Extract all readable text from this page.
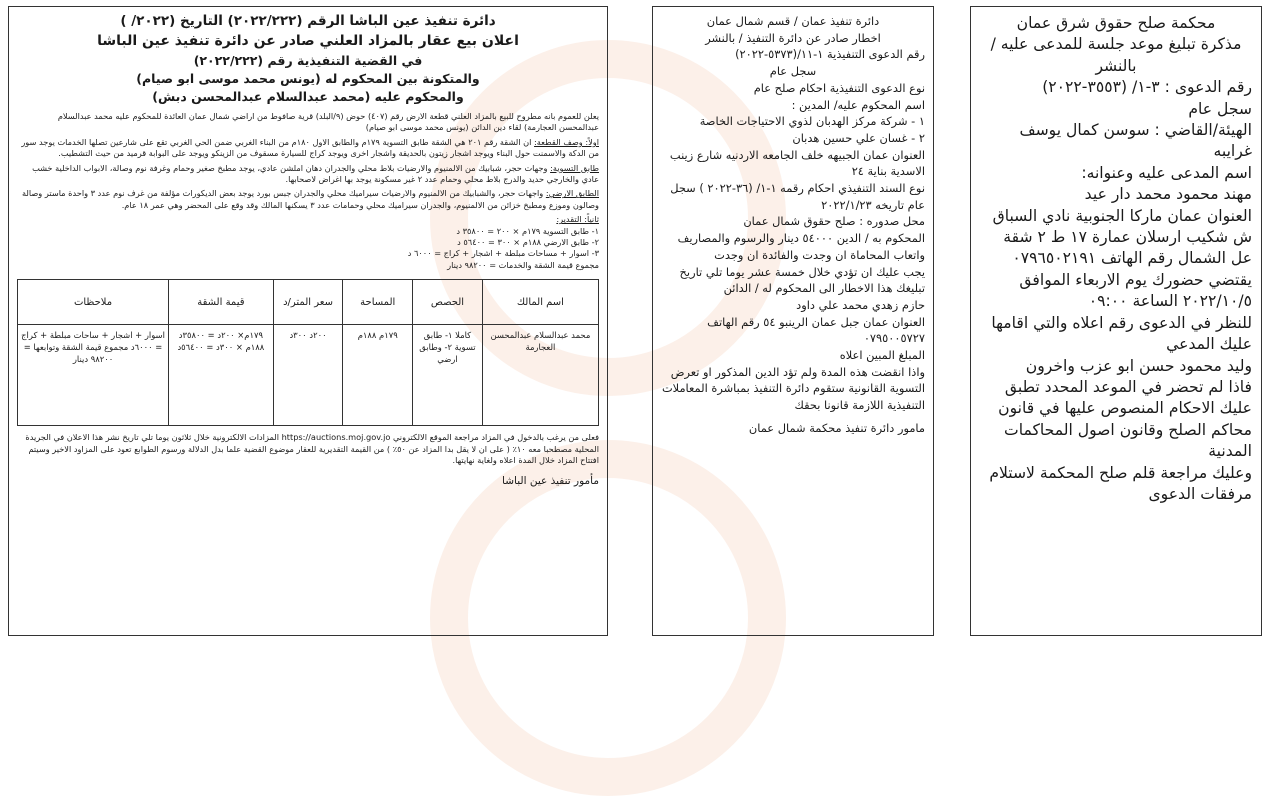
محكمة صلح حقوق شرق عمان

مذكرة تبليغ موعد جلسة للمدعى عليه / بالنشر

رقم الدعوى : ٣-١/ (٣٥٥٣-٢٠٢٢)

سجل عام

الهيئة/القاضي : سوسن كمال يوسف غرايبه

اسم المدعى عليه وعنوانه:

مهند محمود محمد دار عيد

العنوان عمان ماركا الجنوبية نادي السباق ش شكيب ارسلان عمارة ١٧ ط ٢ شقة عل الشمال رقم الهاتف ٠٧٩٦٥٠٢١٩١

يقتضي حضورك يوم الاربعاء الموافق ٢٠٢٢/١٠/٥ الساعة ٠٩:٠٠

للنظر في الدعوى رقم اعلاه والتي اقامها عليك المدعي

وليد محمود حسن ابو عزب واخرون

فاذا لم تحضر في الموعد المحدد تطبق عليك الاحكام المنصوص عليها في قانون محاكم الصلح وقانون اصول المحاكمات المدنية

وعليك مراجعة قلم صلح المحكمة لاستلام مرفقات الدعوى

دائرة تنفيذ عمان / قسم شمال عمان

اخطار صادر عن دائرة التنفيذ / بالنشر

رقم الدعوى التنفيذية ١-١١/(٥٣٧٣-٢٠٢٢)

سجل عام

نوع الدعوى التنفيذية احكام صلح عام

اسم المحكوم عليه/ المدين :

١ - شركة مركز الهدبان لذوي الاحتياجات الخاصة

٢ - غسان علي حسين هدبان

العنوان عمان الجبيهه خلف الجامعه الاردنيه شارع زينب الاسدية بناية ٢٤

نوع السند التنفيذي احكام رقمه ١-١/ (٣٦-٢٠٢٢ ) سجل عام تاريخه ٢٠٢٢/١/٢٣

محل صدوره : صلح حقوق شمال عمان

المحكوم به / الدين ٥٤٠٠٠ دينار والرسوم والمصاريف واتعاب المحاماة ان وجدت والفائدة ان وجدت

يجب عليك ان تؤدي خلال خمسة عشر يوما تلي تاريخ تبليغك هذا الاخطار الى المحكوم له / الدائن

حازم زهدي محمد علي داود

العنوان عمان جبل عمان الرينبو ٥٤ رقم الهاتف ٠٧٩٥٠٠٥٧٢٧

المبلغ المبين اعلاه

واذا انقضت هذه المدة ولم تؤد الدين المذكور او تعرض التسوية القانونية ستقوم دائرة التنفيذ بمباشرة المعاملات التنفيذية اللازمة قانونا بحقك

مامور دائرة تنفيذ محكمة شمال عمان

دائرة تنفيذ عين الباشا الرقم (٢٠٢٢/٢٢٢) التاريخ (٢٠٢٢/ )

اعلان بيع عقار بالمزاد العلني صادر عن دائرة تنفيذ عين الباشا

في القضية التنفيذية رقم (٢٠٢٢/٢٢٢)

والمتكونة بين المحكوم له (يونس محمد موسى ابو صيام)

والمحكوم عليه (محمد عبدالسلام عبدالمحسن دبش)

يعلن للعموم بانه مطروح للبيع بالمزاد العلني قطعة الارض رقم (٤٠٧) حوض (٩/البلد) قرية صافوط من اراضي شمال عمان العائدة للمحكوم عليه محمد عبدالسلام عبدالمحسن العجارمة) لقاء دين الدائن (يونس محمد موسى ابو صيام)

اولاً: وصف القطعة: ان الشقة رقم ٢٠١ هي الشقة طابق التسوية ١٧٩م والطابق الاول ١٨٠م من البناء الغربي ضمن الحي الغربي تقع على شارعين تصلها الخدمات يوجد سور من الدكة والاسمنت حول البناء ويوجد اشجار زيتون بالحديقة واشجار اخرى ويوجد كراج للسيارة مسقوف من الزينكو ويوجد على البوابة قرميد من حيث التشطيب.

طابق التسوية: وجهات حجر، شبابيك من الالمنيوم والارضيات بلاط محلي والجدران دهان املشن عادي، يوجد مطبخ صغير وحمام وغرفة نوم وصالة، الابواب الداخلية خشب عادي والخارجي حديد والدرج بلاط محلي وحمام عدد ٢ غير مسكونة يوجد بها اغراض لاصحابها.

الطابق الارضي: واجهات حجر، والشبابيك من الالمنيوم والارضيات سيراميك محلي والجدران جبس بورد يوجد بعض الديكورات مؤلفة من غرف نوم عدد ٣ واحدة ماستر وصالة وصالون وموزع ومطبخ خزائن من الالمنيوم، والجدران سيراميك محلي وحمامات عدد ٣ يسكنها المالك وقد وقع على المحضر وهي عمر ١٨ عام.

ثانياً: التقدير:

١- طابق التسوية ١٧٩م × ٢٠٠ = ٣٥٨٠٠ د

٢- طابق الارضي ١٨٨م × ٣٠٠ = ٥٦٤٠٠ د

٣- اسوار + مساحات مبلطة + اشجار + كراج = ٦٠٠٠ د

مجموع قيمة الشقة والخدمات = ٩٨٢٠٠ دينار

اسم المالك	الحصص	المساحة	سعر المتر/د	قيمة الشقة	ملاحظات
محمد عبدالسلام عبدالمحسن العجارمة	كاملا ١- طابق تسوية ٢- وطابق ارضي	١٧٩م ١٨٨م	٢٠٠د ٣٠٠د	١٧٩م× ٢٠٠د = ٣٥٨٠٠د ١٨٨م × ٣٠٠د = ٥٦٤٠٠د	اسوار + اشجار + ساحات مبلطة + كراج = ٦٠٠٠د مجموع قيمة الشقة وتوابعها = ٩٨٢٠٠ دينار

فعلى من يرغب بالدخول في المزاد مراجعة الموقع الالكتروني https://auctions.moj.gov.jo المزادات الالكترونية خلال ثلاثون يوما تلي تاريخ نشر هذا الاعلان في الجريدة المحلية مصطحبا معه ١٠٪ ( على ان لا يقل بدا المزاد عن ٥٠٪ ) من القيمة التقديرية للعقار موضوع القضية علما بدل الدلالة ورسوم الطوابع تعود على المزاود الاخير وسيتم افتتاح المزاد خلال المدة اعلاه ولغاية نهايتها.

مأمور تنفيذ عين الباشا
